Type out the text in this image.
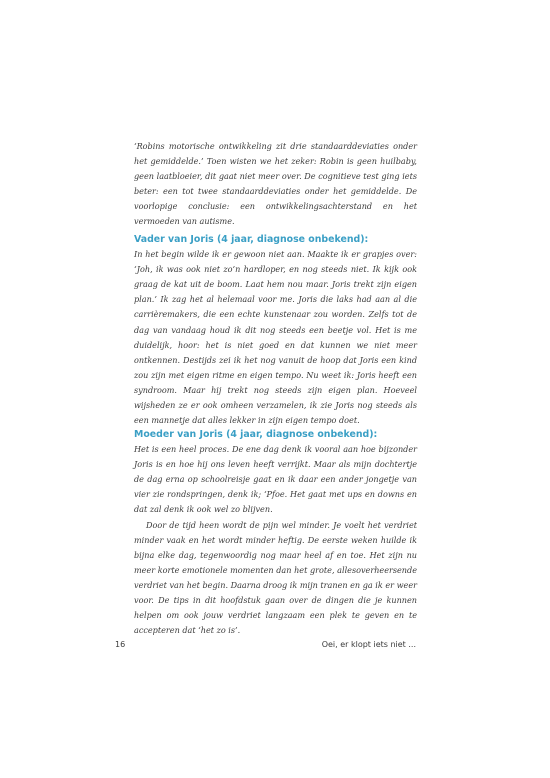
‘Robins motorische ontwikkeling zit drie standaarddeviaties onder het gemiddelde.’ Toen wisten we het zeker: Robin is geen huilbaby, geen laatbloeier, dit gaat niet meer over. De cognitieve test ging iets beter: een tot twee standaarddeviaties onder het gemiddelde. De voorlopige conclusie: een ontwikkelingsachterstand en het vermoeden van autisme.

Vader van Joris (4 jaar, diagnose onbekend):

In het begin wilde ik er gewoon niet aan. Maakte ik er grapjes over: ‘Joh, ik was ook niet zo’n hardloper, en nog steeds niet. Ik kijk ook graag de kat uit de boom. Laat hem nou maar. Joris trekt zijn eigen plan.’ Ik zag het al helemaal voor me. Joris die laks had aan al die carrièremakers, die een echte kunstenaar zou worden. Zelfs tot de dag van vandaag houd ik dit nog steeds een beetje vol. Het is me duidelijk, hoor: het is niet goed en dat kunnen we niet meer ontkennen. Destijds zei ik het nog vanuit de hoop dat Joris een kind zou zijn met eigen ritme en eigen tempo. Nu weet ik: Joris heeft een syndroom. Maar hij trekt nog steeds zijn eigen plan. Hoeveel wijsheden ze er ook omheen verzamelen, ik zie Joris nog steeds als een mannetje dat alles lekker in zijn eigen tempo doet.

Moeder van Joris (4 jaar, diagnose onbekend):

Het is een heel proces. De ene dag denk ik vooral aan hoe bijzonder Joris is en hoe hij ons leven heeft verrijkt. Maar als mijn dochtertje de dag erna op schoolreisje gaat en ik daar een ander jongetje van vier zie rondspringen, denk ik; ‘Pfoe. Het gaat met ups en downs en dat zal denk ik ook wel zo blijven.

Door de tijd heen wordt de pijn wel minder. Je voelt het verdriet minder vaak en het wordt minder heftig. De eerste weken huilde ik bijna elke dag, tegenwoordig nog maar heel af en toe. Het zijn nu meer korte emotionele momenten dan het grote, allesoverheersende verdriet van het begin. Daarna droog ik mijn tranen en ga ik er weer voor. De tips in dit hoofdstuk gaan over de dingen die je kunnen helpen om ook jouw verdriet langzaam een plek te geven en te accepteren dat ‘het zo is’.

16	Oei, er klopt iets niet ...
